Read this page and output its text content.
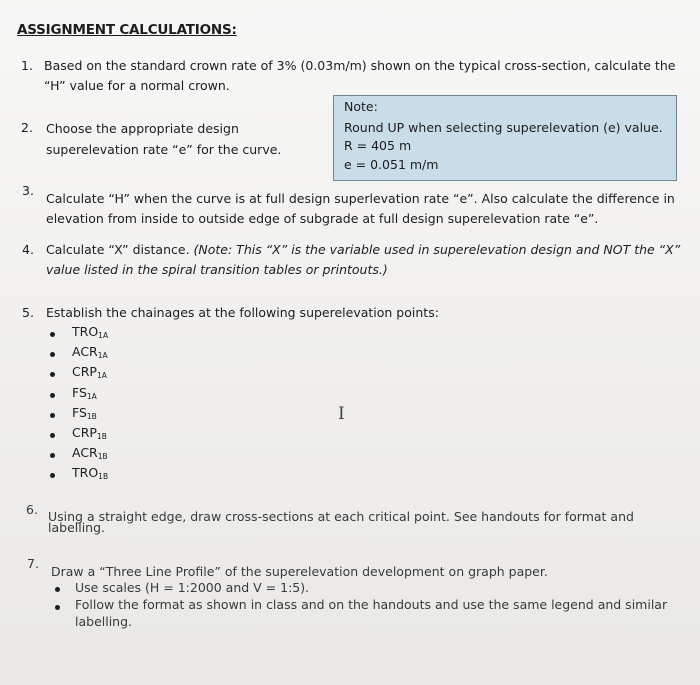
ASSIGNMENT CALCULATIONS:
1. Based on the standard crown rate of 3% (0.03m/m) shown on the typical cross-section, calculate the
“H” value for a normal crown.
2. Choose the appropriate design
superelevation rate “e” for the curve.
Note:
Round UP when selecting superelevation (e) value.
R = 405 m
e = 0.051 m/m
3.
Calculate “H” when the curve is at full design superlevation rate “e”. Also calculate the difference in
elevation from inside to outside edge of subgrade at full design superelevation rate “e”.
4. Calculate “X” distance. (Note: This “X” is the variable used in superelevation design and NOT the “X”
value listed in the spiral transition tables or printouts.)
5. Establish the chainages at the following superelevation points:
$TRO_{1A}$
$ACR_{1A}$
$CRP_{1A}$
$FS_{1A}$
$FS_{1B}$
$CRP_{1B}$
$ACR_{1B}$
$TRO_{1B}$
I
6. Using a straight edge, draw cross-sections at each critical point. See handouts for format and
labelling.
7.
Draw a “Three Line Profile” of the superelevation development on graph paper.
Use scales (H = 1:2000 and V = 1:5).
Follow the format as shown in class and on the handouts and use the same legend and similar
labelling.
